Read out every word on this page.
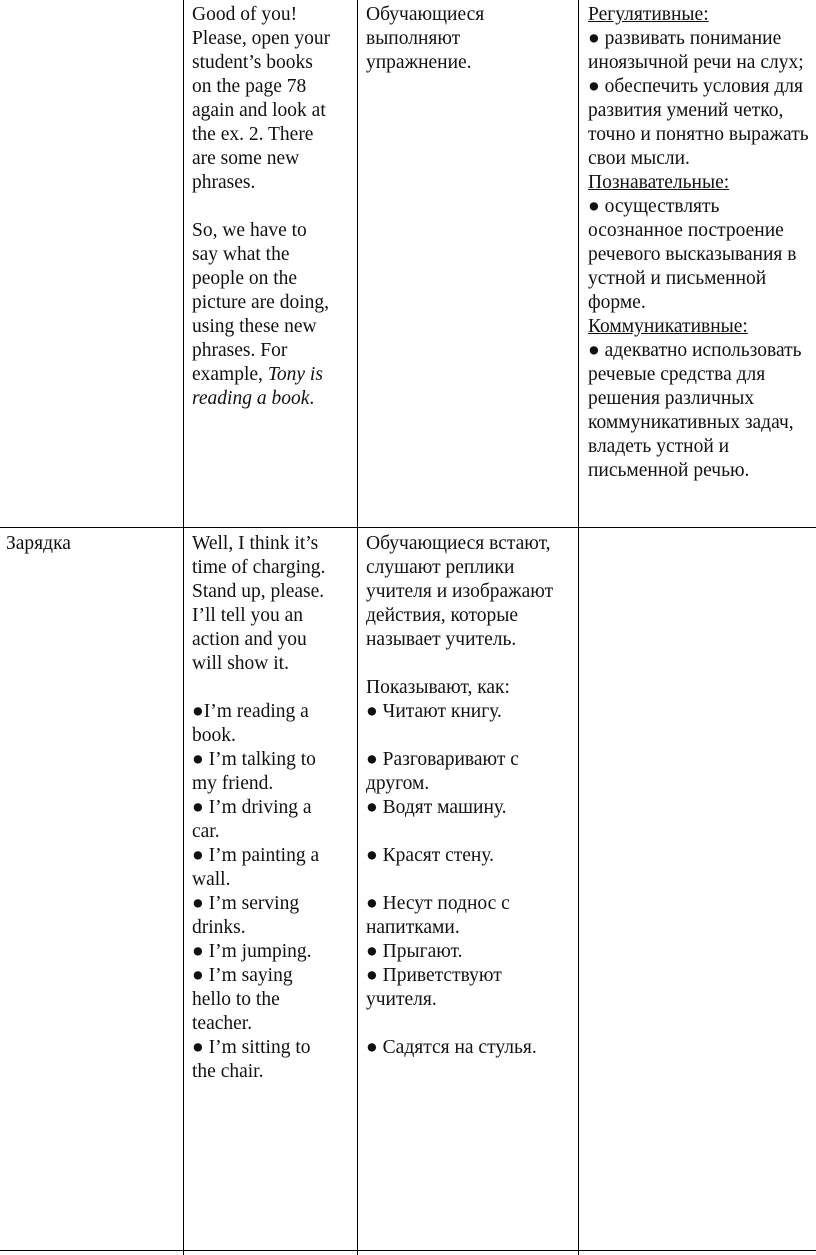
Good of you!
Please, open your
student’s books
on the page 78
again and look at
the ex. 2. There
are some new
phrases.
So, we have to
say what the
people on the
picture are doing,
using these new
phrases. For
example, Tony is
reading a book.
Обучающиеся
выполняют
упражнение.
Регулятивные:
● развивать понимание
иноязычной речи на слух;
● обеспечить условия для
развития умений четко,
точно и понятно выражать
свои мысли.
Познавательные:
● осуществлять
осознанное построение
речевого высказывания в
устной и письменной
форме.
Коммуникативные:
● адекватно использовать
речевые средства для
решения различных
коммуникативных задач,
владеть устной и
письменной речью.
Зарядка	Well, I think it’s
time of charging.
Stand up, please.
I’ll tell you an
action and you
will show it.
●I’m reading a
book.
● I’m talking to
my friend.
● I’m driving a
car.
● I’m painting a
wall.
● I’m serving
drinks.
● I’m jumping.
● I’m saying
hello to the
teacher.
● I’m sitting to
the chair.
Обучающиеся встают,
слушают реплики
учителя и изображают
действия, которые
называет учитель.
Показывают, как:
● Читают книгу.
● Разговаривают с
другом.
● Водят машину.
● Красят стену.
● Несут поднос с
напитками.
● Прыгают.
● Приветствуют
учителя.
● Садятся на стулья.
